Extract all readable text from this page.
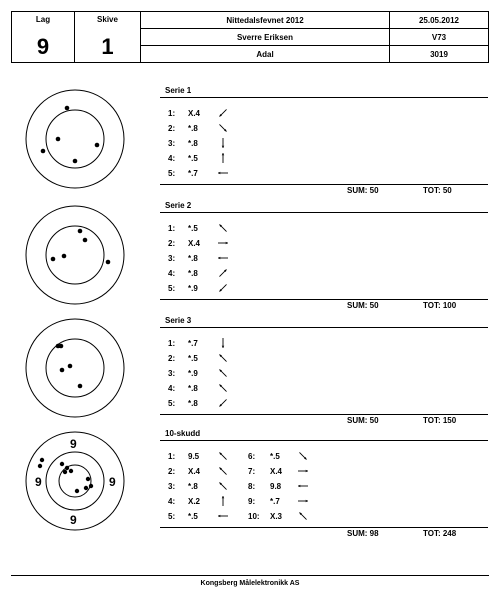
Lag
9
Skive
1
Nittedalsfevnet 2012	25.05.2012
Sverre Eriksen	V73
Adal	3019
9
9	9
9
Serie 1
1: X.4
2: *.8
3: *.8
4: *.5
5: *.7
SUM: 50	TOT: 50
Serie 2
1: *.5
2: X.4
3: *.8
4: *.8
5: *.9
SUM: 50	TOT: 100
Serie 3
1: *.7
2: *.5
3: *.9
4: *.8
5: *.8
SUM: 50	TOT: 150
10-skudd
1: 9.5
2: X.4
3: *.8
4: X.2
5: *.5
6: *.5
7: X.4
8: 9.8
9: *.7
10: X.3
SUM: 98	TOT: 248
Kongsberg Målelektronikk AS
